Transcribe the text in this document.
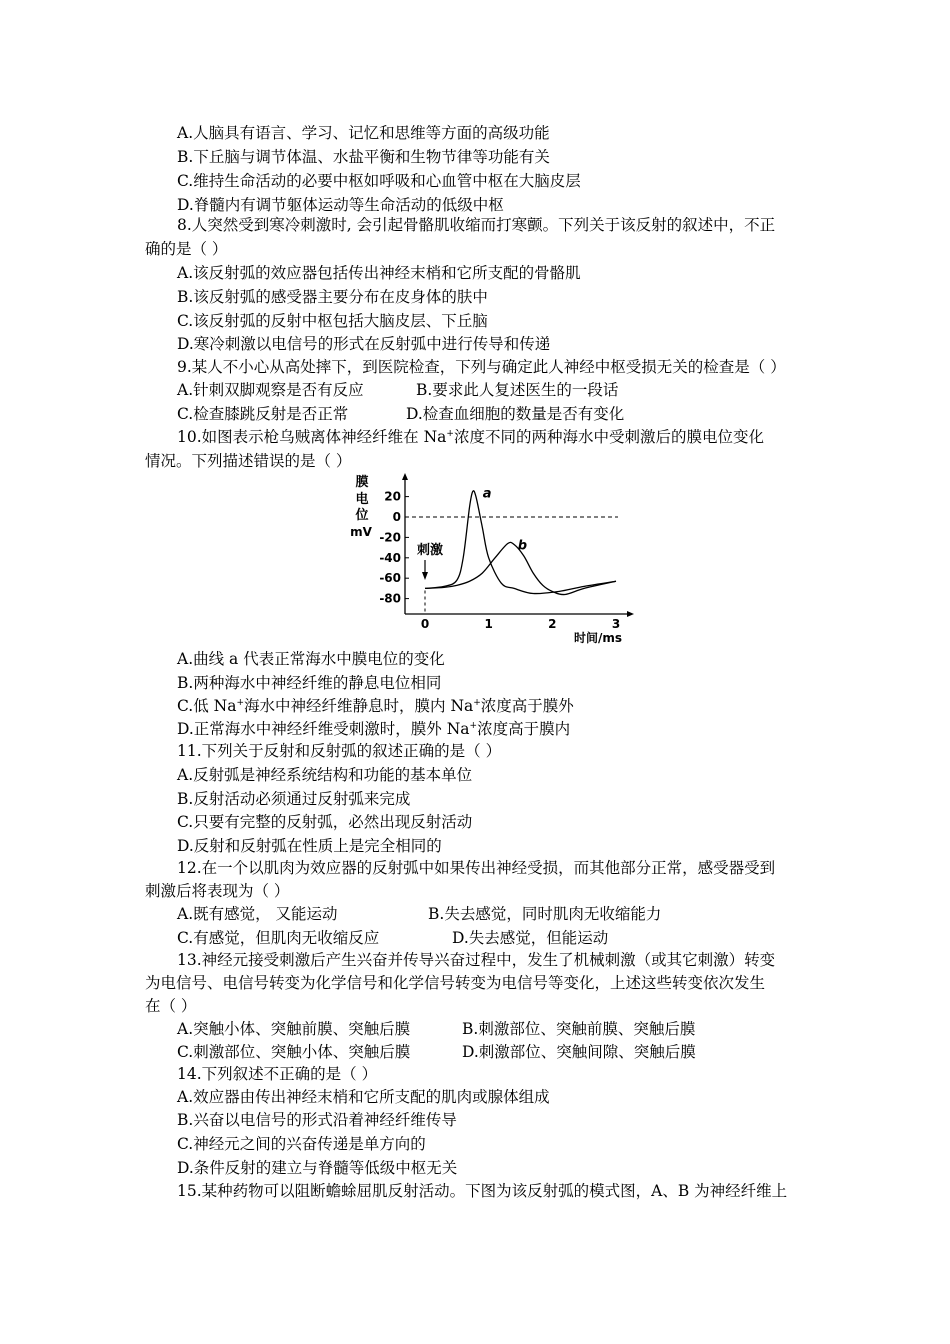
A.人脑具有语言、学习、记忆和思维等方面的高级功能
B.下丘脑与调节体温、水盐平衡和生物节律等功能有关
C.维持生命活动的必要中枢如呼吸和心血管中枢在大脑皮层
D.脊髓内有调节躯体运动等生命活动的低级中枢
8.人突然受到寒冷刺激时, 会引起骨骼肌收缩而打寒颤。下列关于该反射的叙述中，不正
确的是（ ）
A.该反射弧的效应器包括传出神经末梢和它所支配的骨骼肌
B.该反射弧的感受器主要分布在皮身体的肤中
C.该反射弧的反射中枢包括大脑皮层、下丘脑
D.寒冷刺激以电信号的形式在反射弧中进行传导和传递
9.某人不小心从高处摔下，到医院检查，下列与确定此人神经中枢受损无关的检查是（ ）
A.针刺双脚观察是否有反应	B.要求此人复述医生的一段话
C.检查膝跳反射是否正常	D.检查血细胞的数量是否有变化
10.如图表示枪乌贼离体神经纤维在 Na+浓度不同的两种海水中受刺激后的膜电位变化
情况。下列描述错误的是（ ）
膜
电
位
mV
20
0
-20
-40
-60
-80
0	1	2	3
a
b
刺激
时间/ms
A.曲线 a 代表正常海水中膜电位的变化
B.两种海水中神经纤维的静息电位相同
C.低 Na+海水中神经纤维静息时，膜内 Na+浓度高于膜外
D.正常海水中神经纤维受刺激时，膜外 Na+浓度高于膜内
11.下列关于反射和反射弧的叙述正确的是（ ）
A.反射弧是神经系统结构和功能的基本单位
B.反射活动必须通过反射弧来完成
C.只要有完整的反射弧，必然出现反射活动
D.反射和反射弧在性质上是完全相同的
12.在一个以肌肉为效应器的反射弧中如果传出神经受损，而其他部分正常，感受器受到
刺激后将表现为（ ）
A.既有感觉， 又能运动	B.失去感觉，同时肌肉无收缩能力
C.有感觉，但肌肉无收缩反应	D.失去感觉，但能运动
13.神经元接受刺激后产生兴奋并传导兴奋过程中，发生了机械刺激（或其它刺激）转变
为电信号、电信号转变为化学信号和化学信号转变为电信号等变化，上述这些转变依次发生
在（ ）
A.突触小体、突触前膜、突触后膜	B.刺激部位、突触前膜、突触后膜
C.刺激部位、突触小体、突触后膜	D.刺激部位、突触间隙、突触后膜
14.下列叙述不正确的是（ ）
A.效应器由传出神经末梢和它所支配的肌肉或腺体组成
B.兴奋以电信号的形式沿着神经纤维传导
C.神经元之间的兴奋传递是单方向的
D.条件反射的建立与脊髓等低级中枢无关
15.某种药物可以阻断蟾蜍屈肌反射活动。下图为该反射弧的模式图，A、B 为神经纤维上
